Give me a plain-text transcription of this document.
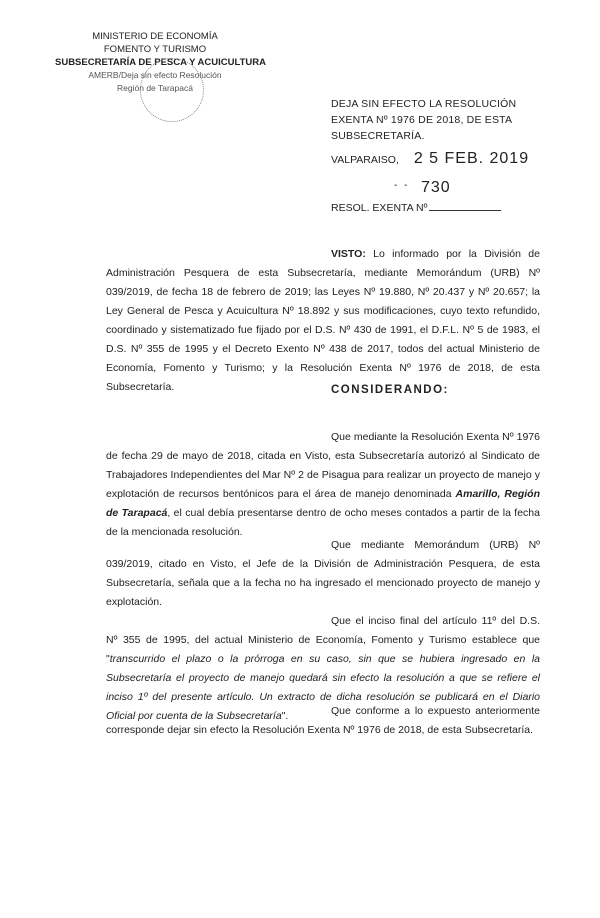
MINISTERIO DE ECONOMÍA
FOMENTO Y TURISMO
SUBSECRETARÍA DE PESCA Y ACUICULTURA
AMERB/Deja sin efecto Resolución
Región de Tarapacá
DEJA SIN EFECTO LA RESOLUCIÓN EXENTA Nº 1976 DE 2018, DE ESTA SUBSECRETARÍA.
VALPARAISO, 2 5 FEB. 2019
RESOL. EXENTA Nº
- - 730

VISTO: Lo informado por la División de Administración Pesquera de esta Subsecretaría, mediante Memorándum (URB) Nº 039/2019, de fecha 18 de febrero de 2019; las Leyes Nº 19.880, Nº 20.437 y Nº 20.657; la Ley General de Pesca y Acuicultura Nº 18.892 y sus modificaciones, cuyo texto refundido, coordinado y sistematizado fue fijado por el D.S. Nº 430 de 1991, el D.F.L. Nº 5 de 1983, el D.S. Nº 355 de 1995 y el Decreto Exento Nº 438 de 2017, todos del actual Ministerio de Economía, Fomento y Turismo; y la Resolución Exenta Nº 1976 de 2018, de esta Subsecretaría.	CONSIDERANDO:

Que mediante la Resolución Exenta Nº 1976 de fecha 29 de mayo de 2018, citada en Visto, esta Subsecretaría autorizó al Sindicato de Trabajadores Independientes del Mar Nº 2 de Pisagua para realizar un proyecto de manejo y explotación de recursos bentónicos para el área de manejo denominada Amarillo, Región de Tarapacá, el cual debía presentarse dentro de ocho meses contados a partir de la fecha de la mencionada resolución.

Que mediante Memorándum (URB) Nº 039/2019, citado en Visto, el Jefe de la División de Administración Pesquera, de esta Subsecretaría, señala que a la fecha no ha ingresado el mencionado proyecto de manejo y explotación.

Que el inciso final del artículo 11º del D.S. Nº 355 de 1995, del actual Ministerio de Economía, Fomento y Turismo establece que "transcurrido el plazo o la prórroga en su caso, sin que se hubiera ingresado en la Subsecretaría el proyecto de manejo quedará sin efecto la resolución a que se refiere el inciso 1º del presente artículo. Un extracto de dicha resolución se publicará en el Diario Oficial por cuenta de la Subsecretaría".	Que conforme a lo expuesto anteriormente corresponde dejar sin efecto la Resolución Exenta Nº 1976 de 2018, de esta Subsecretaría.
